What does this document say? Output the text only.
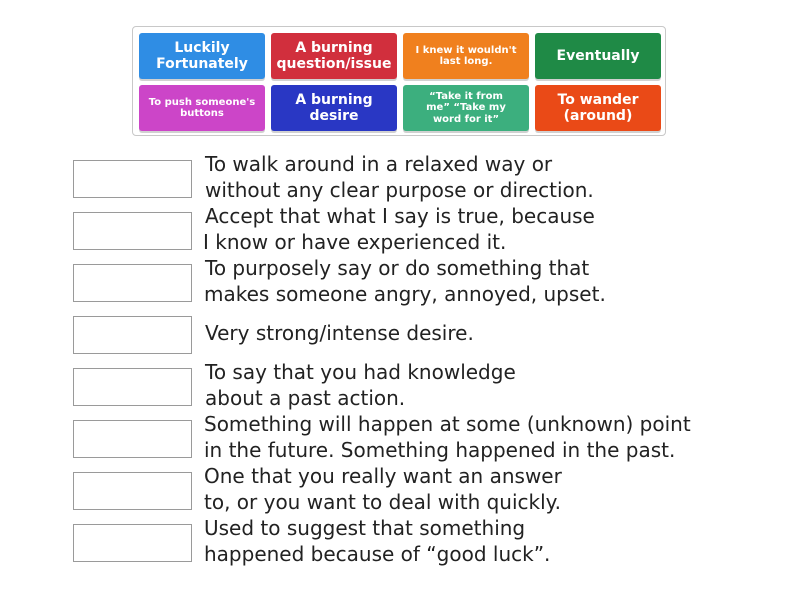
Luckily
Fortunately
A burning
question/issue
I knew it wouldn't
last long.	Eventually
To push someone's
buttons
A burning
desire
“Take it from
me” “Take my
word for it”
To wander
(around)
To walk around in a relaxed way or
without any clear purpose or direction.
Accept that what I say is true, because
I know or have experienced it.
To purposely say or do something that
makes someone angry, annoyed, upset.
Very strong/intense desire.
To say that you had knowledge
about a past action.
Something will happen at some (unknown) point
in the future. Something happened in the past.
One that you really want an answer
to, or you want to deal with quickly.
Used to suggest that something
happened because of “good luck”.
